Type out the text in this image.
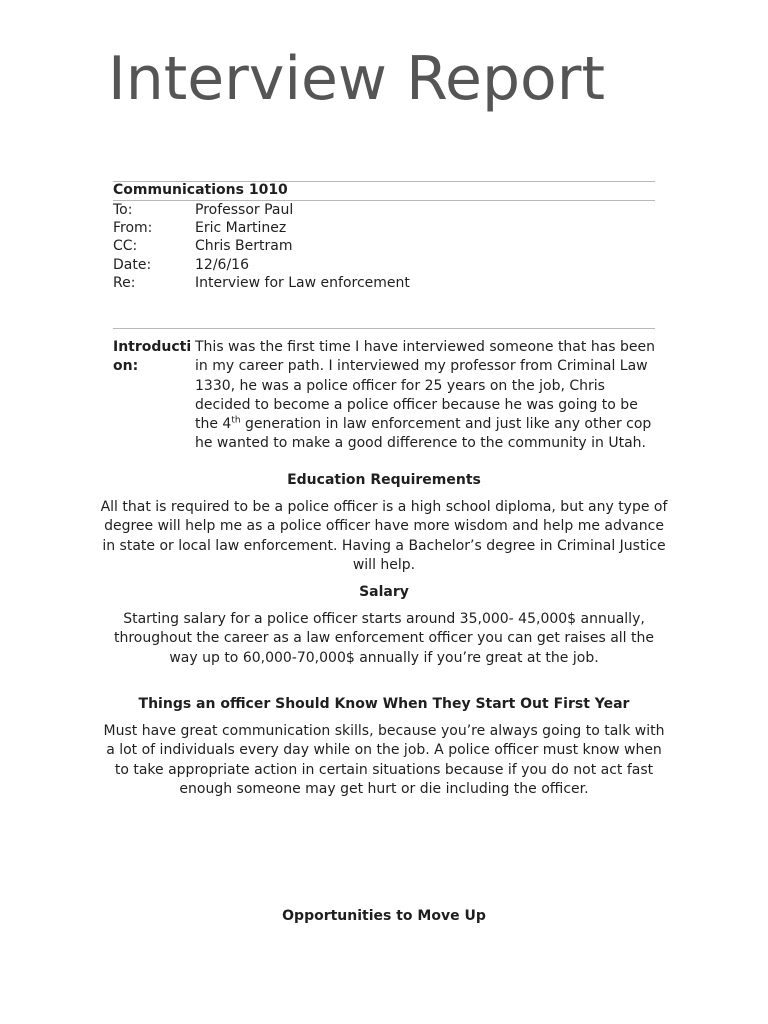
Interview Report
Communications 1010
To:	Professor Paul
From:	Eric Martinez
CC:	Chris Bertram
Date:	12/6/16
Re:	Interview for Law enforcement
Introduction:
This was the first time I have interviewed someone that has been in my career path. I interviewed my professor from Criminal Law 1330, he was a police officer for 25 years on the job, Chris decided to become a police officer because he was going to be the 4th generation in law enforcement and just like any other cop he wanted to make a good difference to the community in Utah.
Education Requirements
All that is required to be a police officer is a high school diploma, but any type of degree will help me as a police officer have more wisdom and help me advance in state or local law enforcement. Having a Bachelor’s degree in Criminal Justice will help.
Salary
Starting salary for a police officer starts around 35,000- 45,000$ annually, throughout the career as a law enforcement officer you can get raises all the way up to 60,000-70,000$ annually if you’re great at the job.
Things an officer Should Know When They Start Out First Year
Must have great communication skills, because you’re always going to talk with a lot of individuals every day while on the job. A police officer must know when to take appropriate action in certain situations because if you do not act fast enough someone may get hurt or die including the officer.
Opportunities to Move Up
